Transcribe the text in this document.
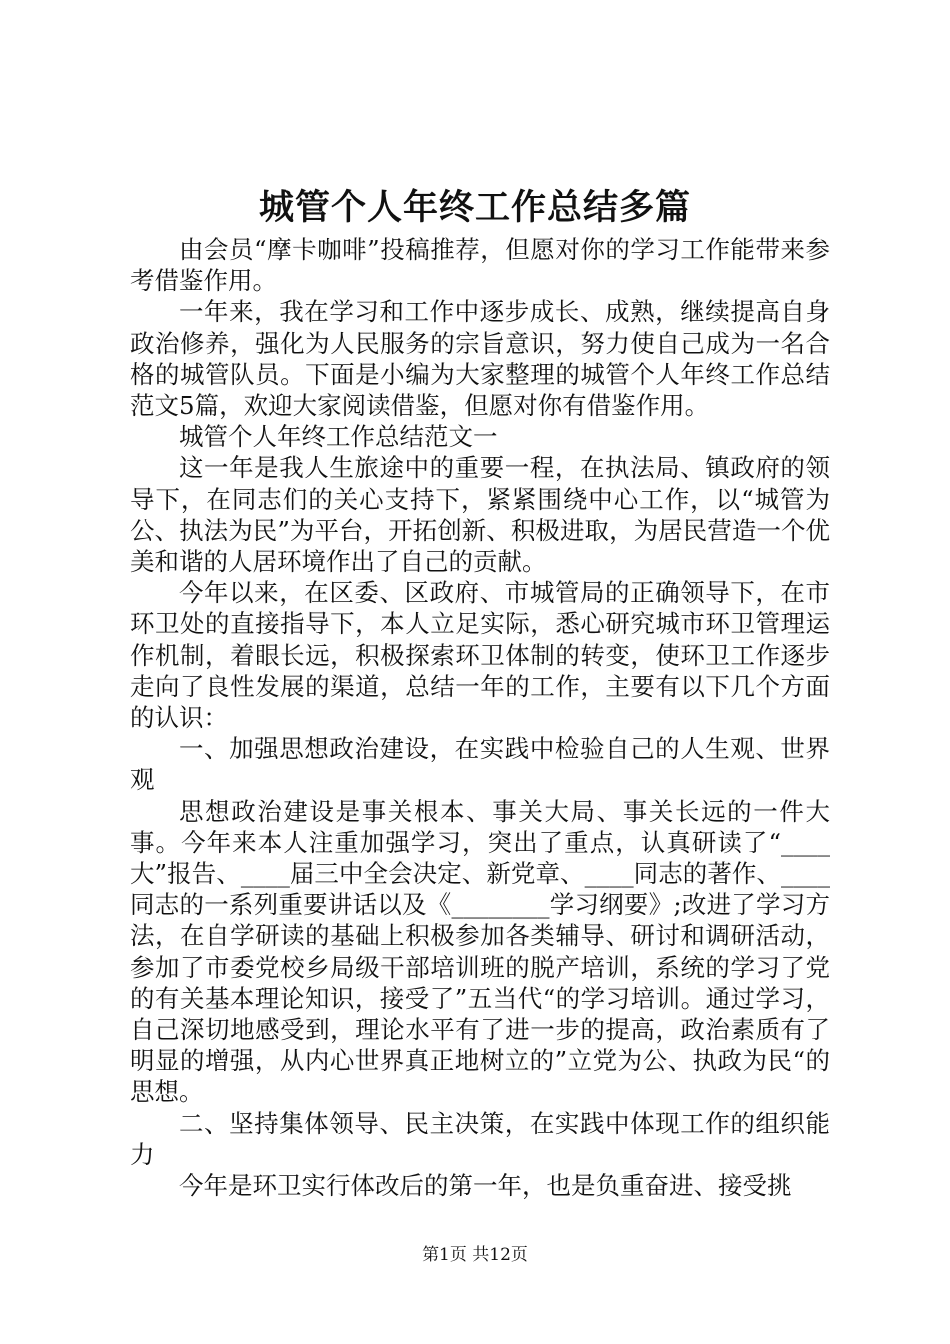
城管个人年终工作总结多篇

由会员“摩卡咖啡”投稿推荐，但愿对你的学习工作能带来参考借鉴作用。

一年来，我在学习和工作中逐步成长、成熟，继续提高自身政治修养，强化为人民服务的宗旨意识，努力使自己成为一名合格的城管队员。下面是小编为大家整理的城管个人年终工作总结范文5篇，欢迎大家阅读借鉴，但愿对你有借鉴作用。

城管个人年终工作总结范文一

这一年是我人生旅途中的重要一程，在执法局、镇政府的领导下，在同志们的关心支持下，紧紧围绕中心工作，以“城管为公、执法为民”为平台，开拓创新、积极进取，为居民营造一个优美和谐的人居环境作出了自己的贡献。

今年以来，在区委、区政府、市城管局的正确领导下，在市环卫处的直接指导下，本人立足实际，悉心研究城市环卫管理运作机制，着眼长远，积极探索环卫体制的转变，使环卫工作逐步走向了良性发展的渠道，总结一年的工作，主要有以下几个方面的认识：

一、加强思想政治建设，在实践中检验自己的人生观、世界观

思想政治建设是事关根本、事关大局、事关长远的一件大事。今年来本人注重加强学习，突出了重点，认真研读了“____大”报告、____届三中全会决定、新党章、____同志的著作、____同志的一系列重要讲话以及《________学习纲要》;改进了学习方法，在自学研读的基础上积极参加各类辅导、研讨和调研活动，参加了市委党校乡局级干部培训班的脱产培训，系统的学习了党的有关基本理论知识，接受了”五当代“的学习培训。通过学习，自己深切地感受到，理论水平有了进一步的提高，政治素质有了明显的增强，从内心世界真正地树立的”立党为公、执政为民“的思想。

二、坚持集体领导、民主决策，在实践中体现工作的组织能力

今年是环卫实行体改后的第一年，也是负重奋进、接受挑

第1页 共12页
